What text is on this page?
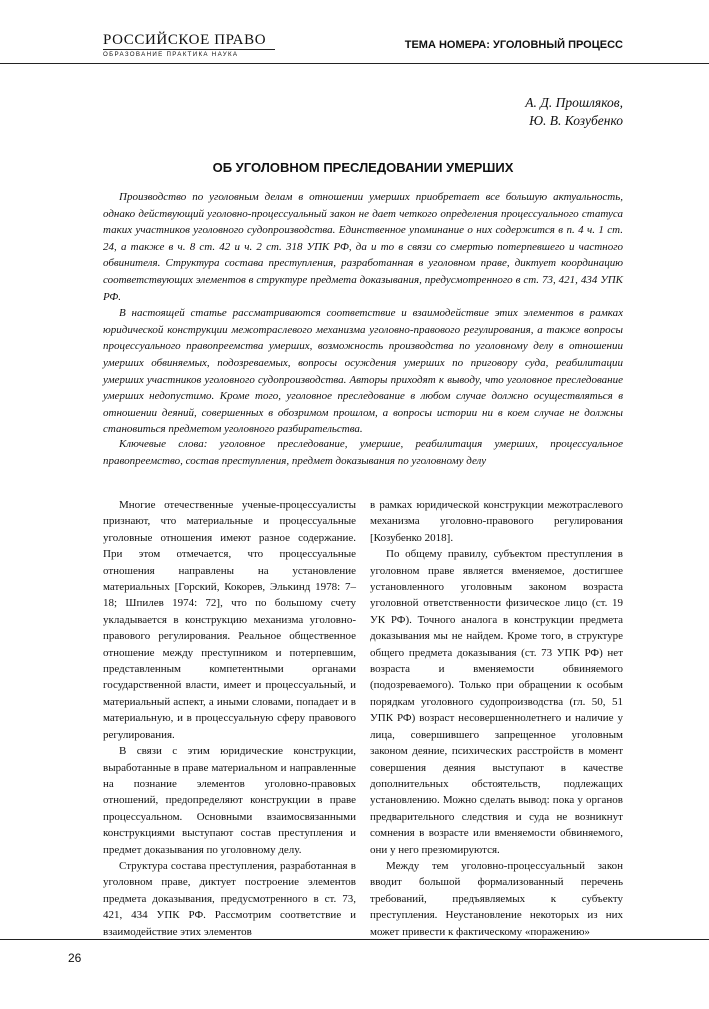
РОССИЙСКОЕ ПРАВО
ОБРАЗОВАНИЕ ПРАКТИКА НАУКА
ТЕМА НОМЕРА: УГОЛОВНЫЙ ПРОЦЕСС
А. Д. Прошляков,
Ю. В. Козубенко
ОБ УГОЛОВНОМ ПРЕСЛЕДОВАНИИ УМЕРШИХ

Производство по уголовным делам в отношении умерших приобретает все большую актуальность, однако действующий уголовно-процессуальный закон не дает четкого определения процессуального статуса таких участников уголовного судопроизводства. Единственное упоминание о них содержится в п. 4 ч. 1 ст. 24, а также в ч. 8 ст. 42 и ч. 2 ст. 318 УПК РФ, да и то в связи со смертью потерпевшего и частного обвинителя. Структура состава преступления, разработанная в уголовном праве, диктует координацию соответствующих элементов в структуре предмета доказывания, предусмотренного в ст. 73, 421, 434 УПК РФ.

В настоящей статье рассматриваются соответствие и взаимодействие этих элементов в рамках юридической конструкции межотраслевого механизма уголовно-правового регулирования, а также вопросы процессуального правопреемства умерших, возможность производства по уголовному делу в отношении умерших обвиняемых, подозреваемых, вопросы осуждения умерших по приговору суда, реабилитации умерших участников уголовного судопроизводства. Авторы приходят к выводу, что уголовное преследование умерших недопустимо. Кроме того, уголовное преследование в любом случае должно осуществляться в отношении деяний, совершенных в обозримом прошлом, а вопросы истории ни в коем случае не должны становиться предметом уголовного разбирательства.

Ключевые слова: уголовное преследование, умершие, реабилитация умерших, процессуальное правопреемство, состав преступления, предмет доказывания по уголовному делу

Многие отечественные ученые-процессуалисты признают, что материальные и процессуальные уголовные отношения имеют разное содержание. При этом отмечается, что процессуальные отношения направлены на установление материальных [Горский, Кокорев, Элькинд 1978: 7–18; Шпилев 1974: 72], что по большому счету укладывается в конструкцию механизма уголовно-правового регулирования. Реальное общественное отношение между преступником и потерпевшим, представленным компетентными органами государственной власти, имеет и процессуальный, и материальный аспект, а иными словами, попадает и в материальную, и в процессуальную сферу правового регулирования.

В связи с этим юридические конструкции, выработанные в праве материальном и направленные на познание элементов уголовно-правовых отношений, предопределяют конструкции в праве процессуальном. Основными взаимосвязанными конструкциями выступают состав преступления и предмет доказывания по уголовному делу.

Структура состава преступления, разработанная в уголовном праве, диктует построение элементов предмета доказывания, предусмотренного в ст. 73, 421, 434 УПК РФ. Рассмотрим соответствие и взаимодействие этих элементов

в рамках юридической конструкции межотраслевого механизма уголовно-правового регулирования [Козубенко 2018].

По общему правилу, субъектом преступления в уголовном праве является вменяемое, достигшее установленного уголовным законом возраста уголовной ответственности физическое лицо (ст. 19 УК РФ). Точного аналога в конструкции предмета доказывания мы не найдем. Кроме того, в структуре общего предмета доказывания (ст. 73 УПК РФ) нет возраста и вменяемости обвиняемого (подозреваемого). Только при обращении к особым порядкам уголовного судопроизводства (гл. 50, 51 УПК РФ) возраст несовершеннолетнего и наличие у лица, совершившего запрещенное уголовным законом деяние, психических расстройств в момент совершения деяния выступают в качестве дополнительных обстоятельств, подлежащих установлению. Можно сделать вывод: пока у органов предварительного следствия и суда не возникнут сомнения в возрасте или вменяемости обвиняемого, они у него презюмируются.

Между тем уголовно-процессуальный закон вводит большой формализованный перечень требований, предъявляемых к субъекту преступления. Неустановление некоторых из них может привести к фактическому «поражению»

26
